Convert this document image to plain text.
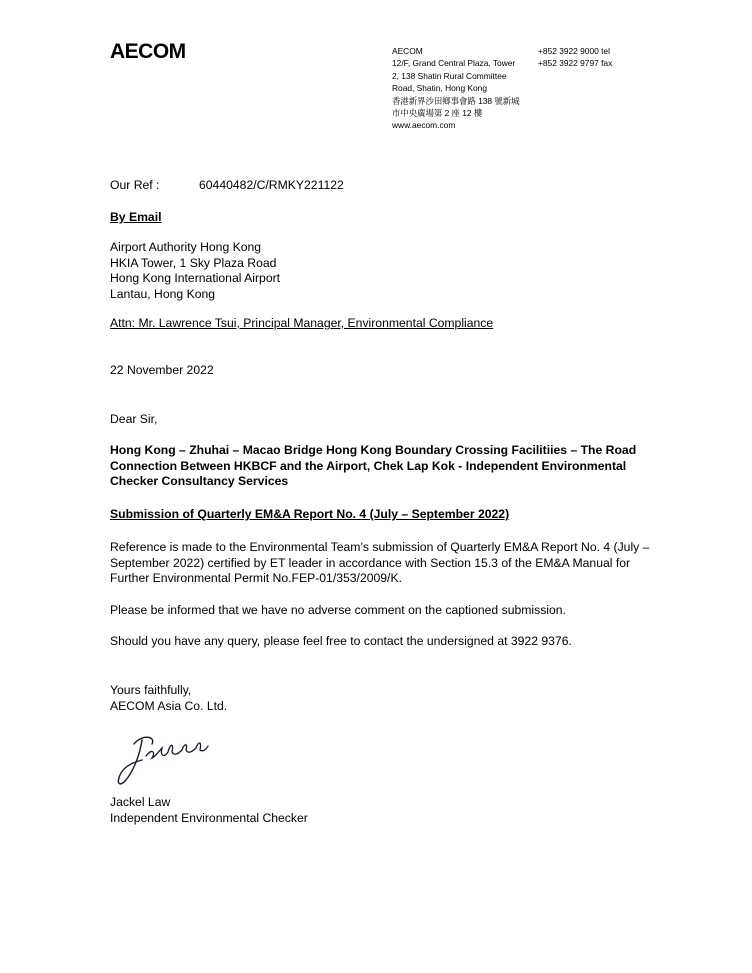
AECOM	AECOM
12/F, Grand Central Plaza, Tower
2, 138 Shatin Rural Committee
Road, Shatin, Hong Kong
香港新界沙田鄉事會路 138 號新城
市中央廣場第 2 座 12 樓
www.aecom.com
+852 3922 9000 tel
+852 3922 9797 fax
Our Ref :	60440482/C/RMKY221122
By Email
Airport Authority Hong Kong
HKIA Tower, 1 Sky Plaza Road
Hong Kong International Airport
Lantau, Hong Kong
Attn: Mr. Lawrence Tsui, Principal Manager, Environmental Compliance
22 November 2022
Dear Sir,
Hong Kong – Zhuhai – Macao Bridge Hong Kong Boundary Crossing Facilitiies – The Road
Connection Between HKBCF and the Airport, Chek Lap Kok - Independent Environmental
Checker Consultancy Services
Submission of Quarterly EM&A Report No. 4 (July – September 2022)
Reference is made to the Environmental Team’s submission of Quarterly EM&A Report No. 4 (July –
September 2022) certified by ET leader in accordance with Section 15.3 of the EM&A Manual for
Further Environmental Permit No.FEP-01/353/2009/K.
Please be informed that we have no adverse comment on the captioned submission.
Should you have any query, please feel free to contact the undersigned at 3922 9376.
Yours faithfully,
AECOM Asia Co. Ltd.
Jackel Law
Independent Environmental Checker
